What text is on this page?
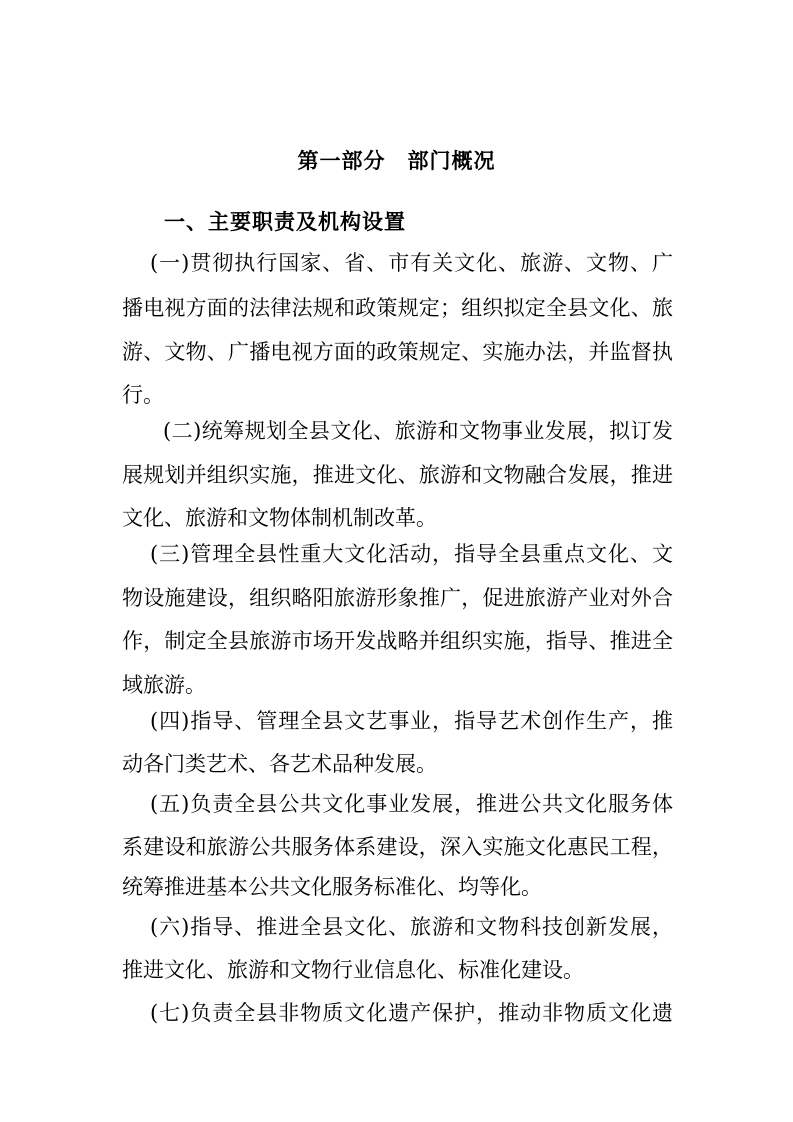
第一部分　部门概况
一、主要职责及机构设置
(一)贯彻执行国家、省、市有关文化、旅游、文物、广
播电视方面的法律法规和政策规定；组织拟定全县文化、旅
游、文物、广播电视方面的政策规定、实施办法，并监督执
行。
(二)统筹规划全县文化、旅游和文物事业发展，拟订发
展规划并组织实施，推进文化、旅游和文物融合发展，推进
文化、旅游和文物体制机制改革。
(三)管理全县性重大文化活动，指导全县重点文化、文
物设施建设，组织略阳旅游形象推广，促进旅游产业对外合
作，制定全县旅游市场开发战略并组织实施，指导、推进全
域旅游。
(四)指导、管理全县文艺事业，指导艺术创作生产，推
动各门类艺术、各艺术品种发展。
(五)负责全县公共文化事业发展，推进公共文化服务体
系建设和旅游公共服务体系建设，深入实施文化惠民工程，
统筹推进基本公共文化服务标准化、均等化。
(六)指导、推进全县文化、旅游和文物科技创新发展，
推进文化、旅游和文物行业信息化、标准化建设。
(七)负责全县非物质文化遗产保护，推动非物质文化遗
